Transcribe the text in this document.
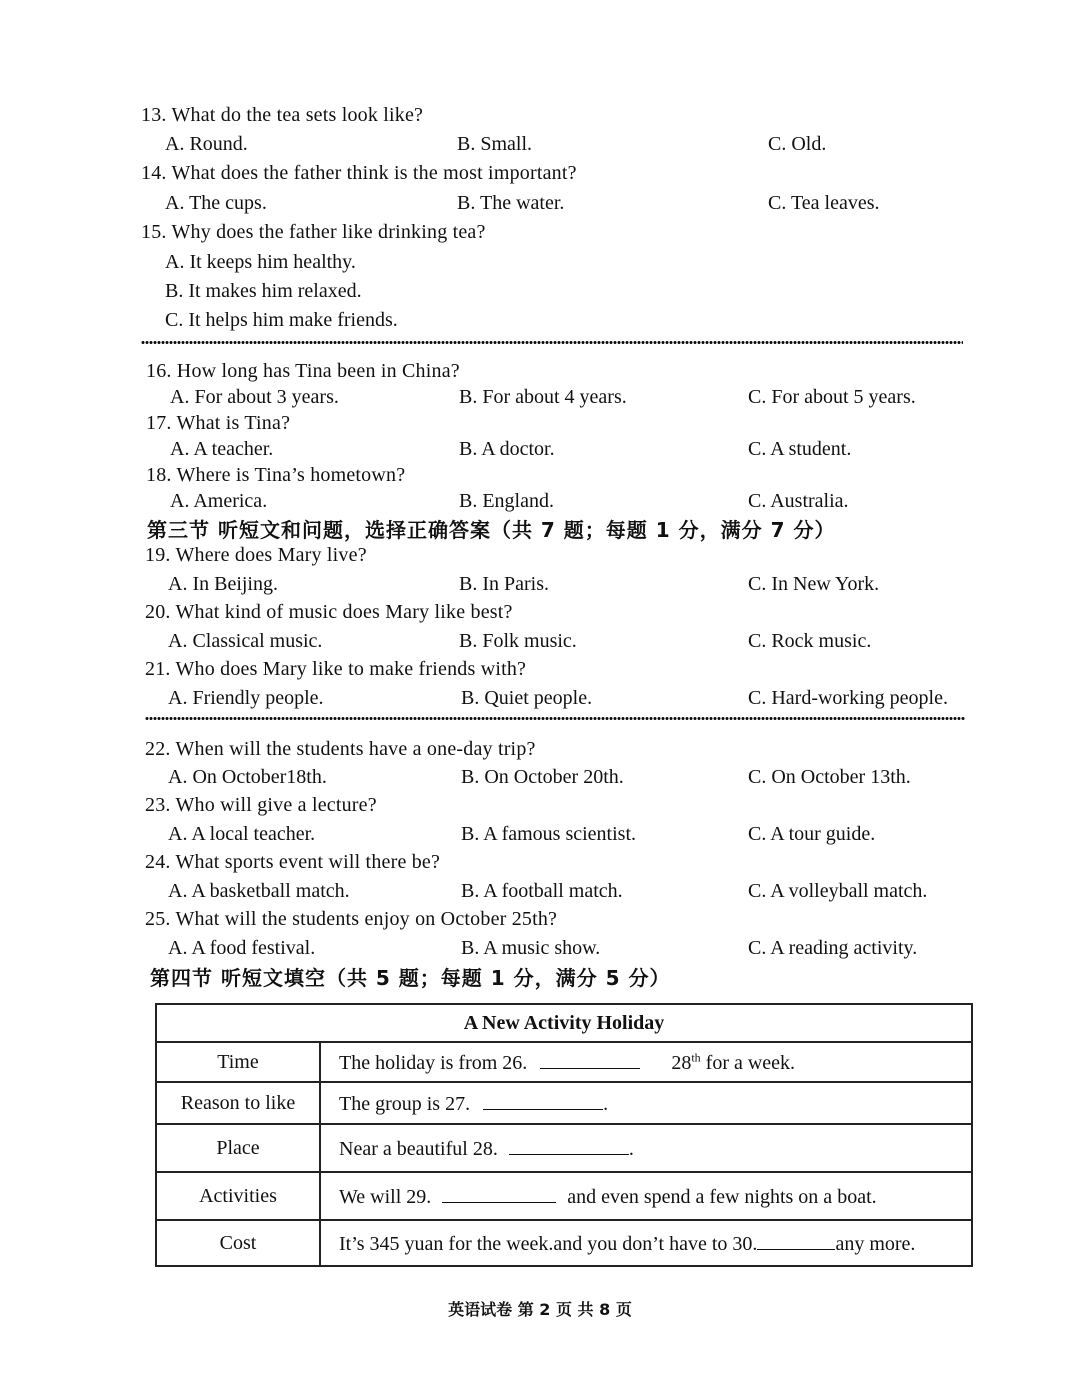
13. What do the tea sets look like?
A. Round.	B. Small.	C. Old.
14. What does the father think is the most important?
A. The cups.	B. The water.	C. Tea leaves.
15. Why does the father like drinking tea?
A. It keeps him healthy.
B. It makes him relaxed.
C. It helps him make friends.
16. How long has Tina been in China?
A. For about 3 years.	B. For about 4 years.	C. For about 5 years.
17. What is Tina?
A. A teacher.	B. A doctor.	C. A student.
18. Where is Tina’s hometown?
A. America.	B. England.	C. Australia.
第三节 听短文和问题，选择正确答案（共 7 题；每题 1 分，满分 7 分）
19. Where does Mary live?
A. In Beijing.	B. In Paris.	C. In New York.
20. What kind of music does Mary like best?
A. Classical music.	B. Folk music.	C. Rock music.
21. Who does Mary like to make friends with?
A. Friendly people.	B. Quiet people.	C. Hard-working people.
22. When will the students have a one-day trip?
A. On October18th.	B. On October 20th.	C. On October 13th.
23. Who will give a lecture?
A. A local teacher.	B. A famous scientist.	C. A tour guide.
24. What sports event will there be?
A. A basketball match.	B. A football match.	C. A volleyball match.
25. What will the students enjoy on October 25th?
A. A food festival.	B. A music show.	C. A reading activity.
第四节 听短文填空（共 5 题；每题 1 分，满分 5 分）
A New Activity Holiday	
Time	The holiday is from 26. 28th for a week.
Reason to like	The group is 27. .
Place	Near a beautiful 28. .
Activities	We will 29. and even spend a few nights on a boat.
Cost	It’s 345 yuan for the week.and you don’t have to 30. any more.
英语试卷 第 2 页 共 8 页
